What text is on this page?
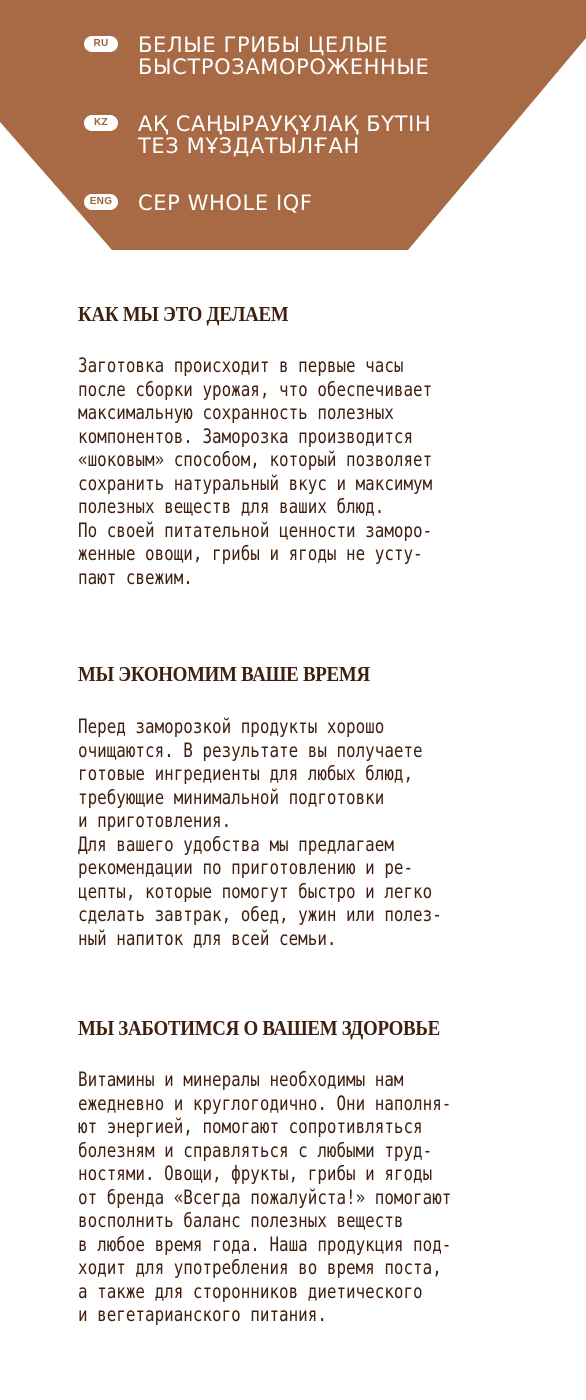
RU	БЕЛЫЕ ГРИБЫ ЦЕЛЫЕ
БЫСТРОЗАМОРОЖЕННЫЕ
KZ	АҚ САҢЫРАУҚҰЛАҚ БҮТІН
ТЕЗ МҰЗДАТЫЛҒАН
ENG CEP WHOLE IQF
КАК МЫ ЭТО ДЕЛАЕМ
Заготовка происходит в первые часы
после сборки урожая, что обеспечивает
максимальную сохранность полезных
компонентов. Заморозка производится
«шоковым» способом, который позволяет
сохранить натуральный вкус и максимум
полезных веществ для ваших блюд.
По своей питательной ценности заморо-
женные овощи, грибы и ягоды не усту-
пают свежим.
МЫ ЭКОНОМИМ ВАШЕ ВРЕМЯ
Перед заморозкой продукты хорошо
очищаются. В результате вы получаете
готовые ингредиенты для любых блюд,
требующие минимальной подготовки
и приготовления.
Для вашего удобства мы предлагаем
рекомендации по приготовлению и ре-
цепты, которые помогут быстро и легко
сделать завтрак, обед, ужин или полез-
ный напиток для всей семьи.
МЫ ЗАБОТИМСЯ О ВАШЕМ ЗДОРОВЬЕ
Витамины и минералы необходимы нам
ежедневно и круглогодично. Они наполня-
ют энергией, помогают сопротивляться
болезням и справляться с любыми труд-
ностями. Овощи, фрукты, грибы и ягоды
от бренда «Всегда пожалуйста!» помогают
восполнить баланс полезных веществ
в любое время года. Наша продукция под-
ходит для употребления во время поста,
а также для сторонников диетического
и вегетарианского питания.
